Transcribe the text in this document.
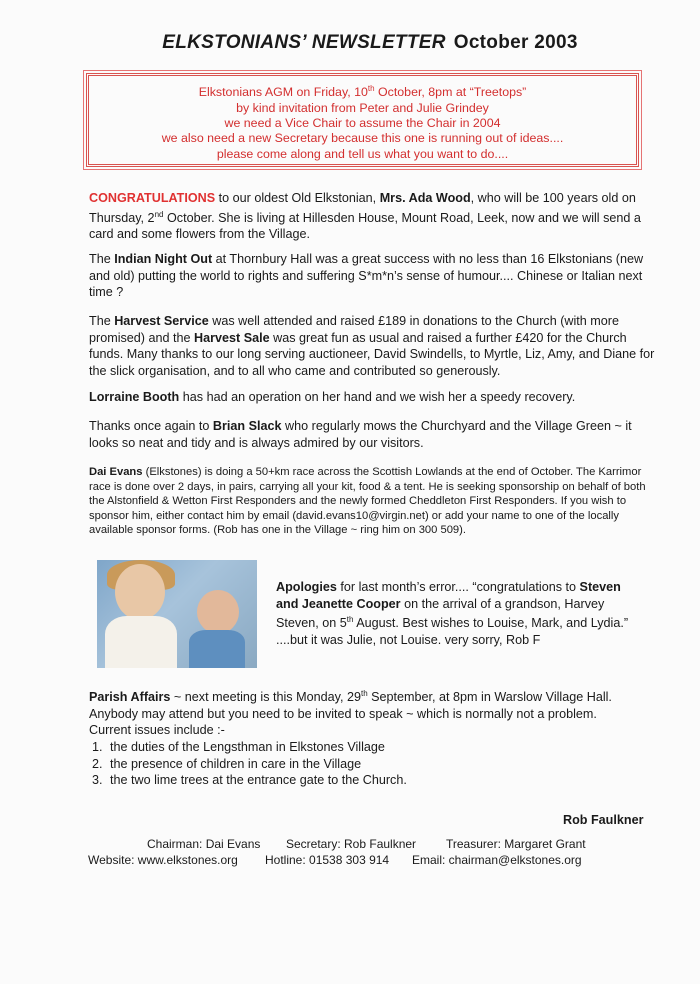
ELKSTONIANS’ NEWSLETTER October 2003
Elkstonians AGM on Friday, 10th October, 8pm at “Treetops”
by kind invitation from Peter and Julie Grindey
we need a Vice Chair to assume the Chair in 2004
we also need a new Secretary because this one is running out of ideas....
please come along and tell us what you want to do....
CONGRATULATIONS to our oldest Old Elkstonian, Mrs. Ada Wood, who will be 100 years old on Thursday, 2nd October. She is living at Hillesden House, Mount Road, Leek, now and we will send a card and some flowers from the Village.
The Indian Night Out at Thornbury Hall was a great success with no less than 16 Elkstonians (new and old) putting the world to rights and suffering S*m*n’s sense of humour.... Chinese or Italian next time ?
The Harvest Service was well attended and raised £189 in donations to the Church (with more promised) and the Harvest Sale was great fun as usual and raised a further £420 for the Church funds. Many thanks to our long serving auctioneer, David Swindells, to Myrtle, Liz, Amy, and Diane for the slick organisation, and to all who came and contributed so generously.
Lorraine Booth has had an operation on her hand and we wish her a speedy recovery.
Thanks once again to Brian Slack who regularly mows the Churchyard and the Village Green ~ it looks so neat and tidy and is always admired by our visitors.
Dai Evans (Elkstones) is doing a 50+km race across the Scottish Lowlands at the end of October. The Karrimor race is done over 2 days, in pairs, carrying all your kit, food & a tent. He is seeking sponsorship on behalf of both the Alstonfield & Wetton First Responders and the newly formed Cheddleton First Responders. If you wish to sponsor him, either contact him by email (david.evans10@virgin.net) or add your name to one of the locally available sponsor forms. (Rob has one in the Village ~ ring him on 300 509).
Apologies for last month’s error.... “congratulations to Steven and Jeanette Cooper on the arrival of a grandson, Harvey Steven, on 5th August. Best wishes to Louise, Mark, and Lydia.” ....but it was Julie, not Louise. very sorry, Rob F
Parish Affairs ~ next meeting is this Monday, 29th September, at 8pm in Warslow Village Hall. Anybody may attend but you need to be invited to speak ~ which is normally not a problem.
Current issues include :-
1. the duties of the Lengsthman in Elkstones Village
2. the presence of children in care in the Village
3. the two lime trees at the entrance gate to the Church.
Rob Faulkner
Chairman: Dai Evans Secretary: Rob Faulkner Treasurer: Margaret Grant
Website: www.elkstones.org Hotline: 01538 303 914 Email: chairman@elkstones.org
